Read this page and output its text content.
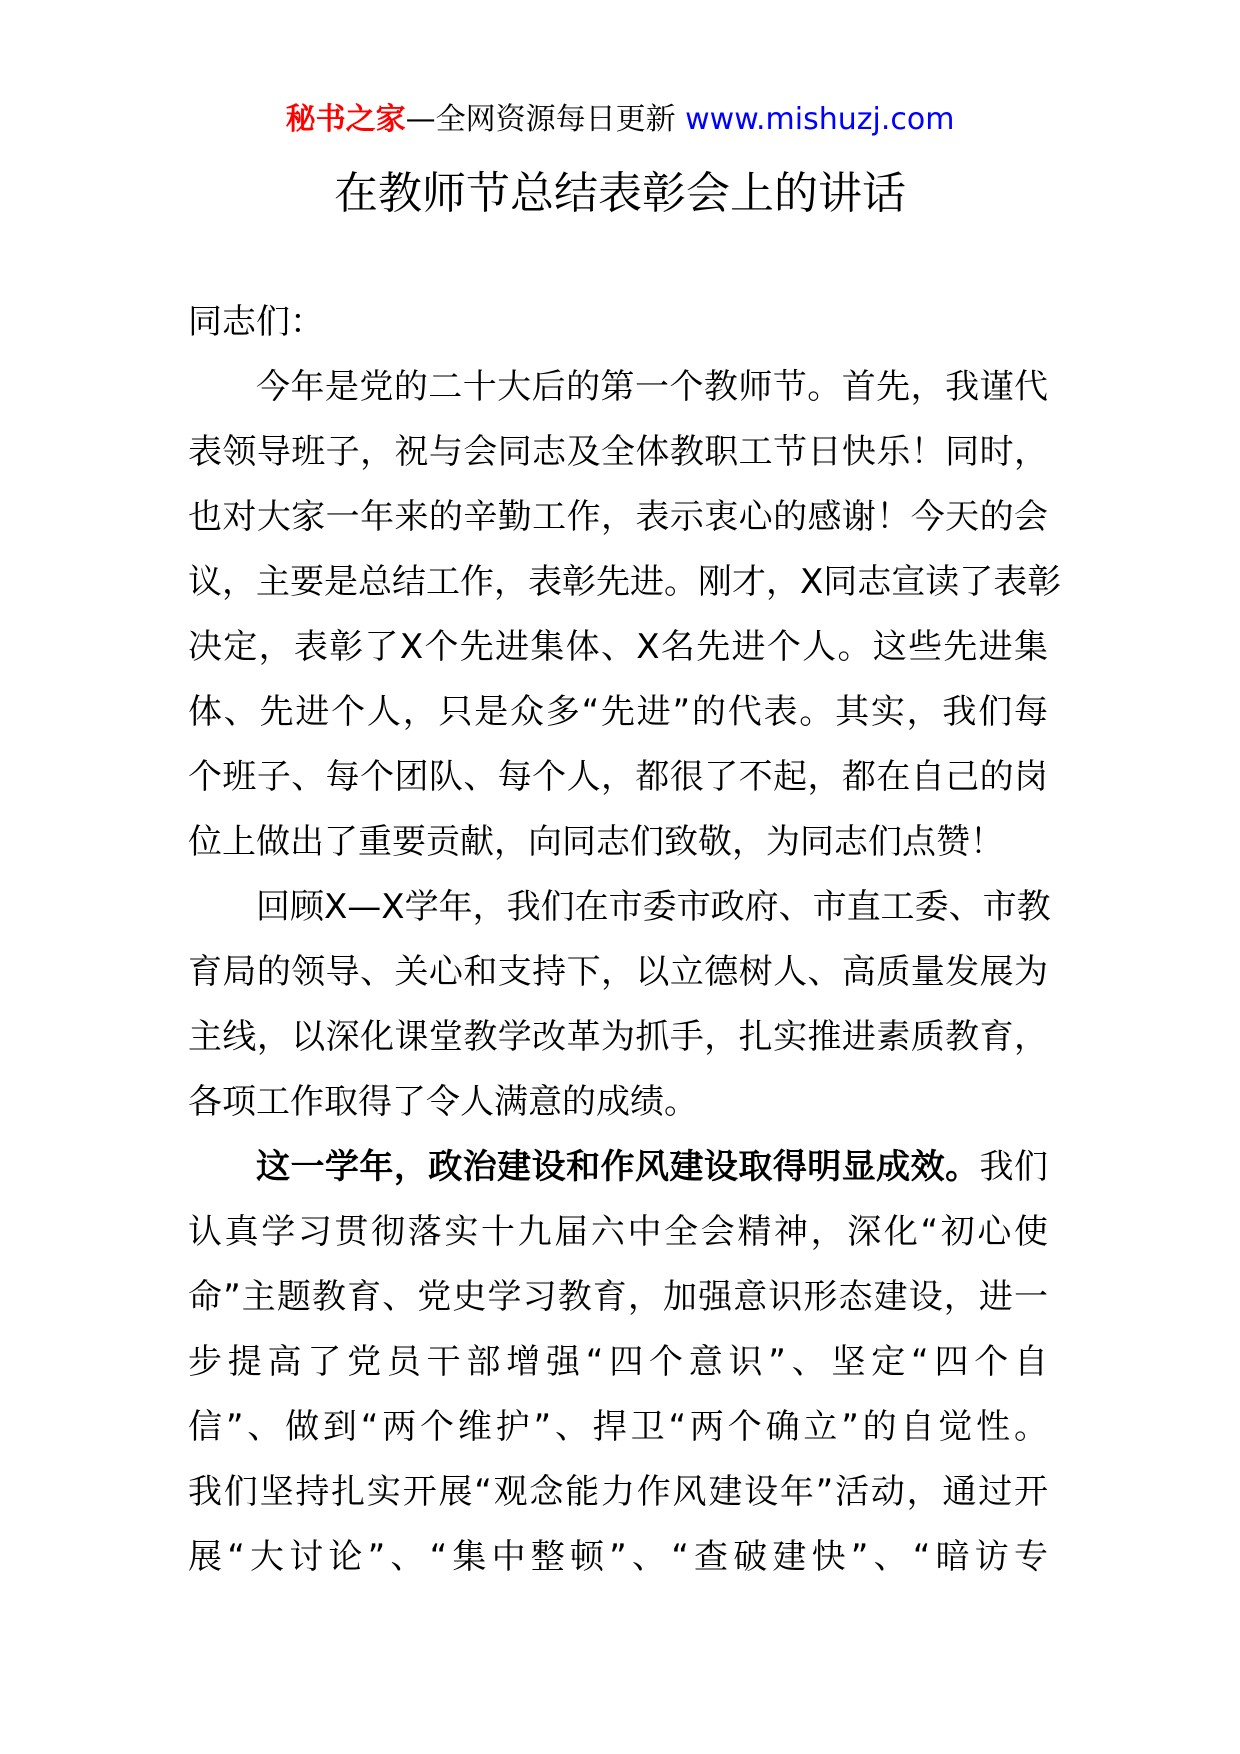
秘书之家—全网资源每日更新 www.mishuzj.com
在教师节总结表彰会上的讲话
同志们：
今年是党的二十大后的第一个教师节。首先，我谨代
表领导班子，祝与会同志及全体教职工节日快乐！同时，
也对大家一年来的辛勤工作，表示衷心的感谢！今天的会
议，主要是总结工作，表彰先进。刚才，X同志宣读了表彰
决定，表彰了X个先进集体、X名先进个人。这些先进集
体、先进个人，只是众多“先进”的代表。其实，我们每
个班子、每个团队、每个人，都很了不起，都在自己的岗
位上做出了重要贡献，向同志们致敬，为同志们点赞！
回顾X—X学年，我们在市委市政府、市直工委、市教
育局的领导、关心和支持下，以立德树人、高质量发展为
主线，以深化课堂教学改革为抓手，扎实推进素质教育，
各项工作取得了令人满意的成绩。
这一学年，政治建设和作风建设取得明显成效。我们
认真学习贯彻落实十九届六中全会精神，深化“初心使
命”主题教育、党史学习教育，加强意识形态建设，进一
步提高了党员干部增强“四个意识”、坚定“四个自
信”、做到“两个维护”、捍卫“两个确立”的自觉性。
我们坚持扎实开展“观念能力作风建设年”活动，通过开
展“大讨论”、“集中整顿”、“查破建快”、“暗访专
